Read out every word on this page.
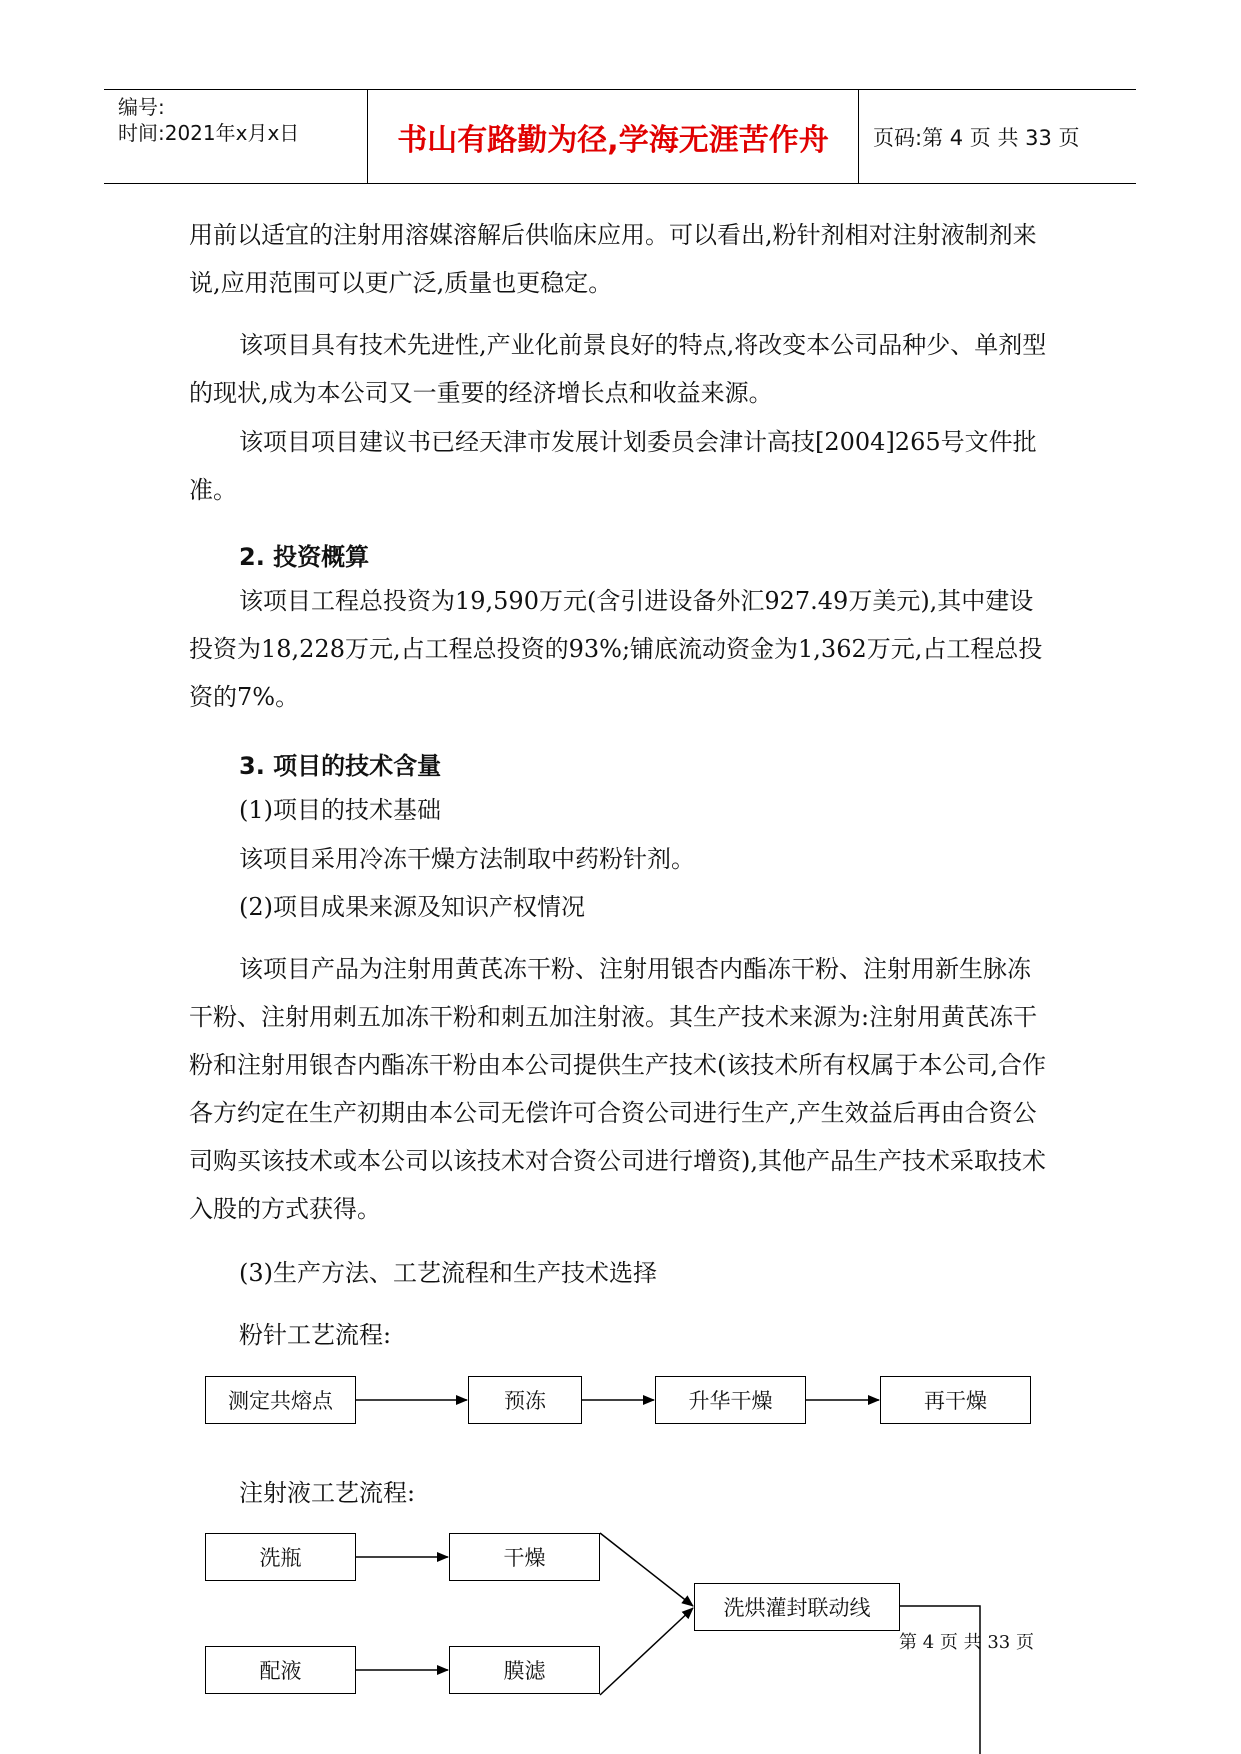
编号:
时间:2021年x月x日	书山有路勤为径,学海无涯苦作舟	页码:第 4 页 共 33 页

用前以适宜的注射用溶媒溶解后供临床应用。可以看出,粉针剂相对注射液制剂来说,应用范围可以更广泛,质量也更稳定。

该项目具有技术先进性,产业化前景良好的特点,将改变本公司品种少、单剂型的现状,成为本公司又一重要的经济增长点和收益来源。

该项目项目建议书已经天津市发展计划委员会津计高技[2004]265号文件批准。

2. 投资概算

该项目工程总投资为19,590万元(含引进设备外汇927.49万美元),其中建设投资为18,228万元,占工程总投资的93%;铺底流动资金为1,362万元,占工程总投资的7%。

3. 项目的技术含量
(1)项目的技术基础
该项目采用冷冻干燥方法制取中药粉针剂。
(2)项目成果来源及知识产权情况

该项目产品为注射用黄芪冻干粉、注射用银杏内酯冻干粉、注射用新生脉冻干粉、注射用刺五加冻干粉和刺五加注射液。其生产技术来源为:注射用黄芪冻干粉和注射用银杏内酯冻干粉由本公司提供生产技术(该技术所有权属于本公司,合作各方约定在生产初期由本公司无偿许可合资公司进行生产,产生效益后再由合资公司购买该技术或本公司以该技术对合资公司进行增资),其他产品生产技术采取技术入股的方式获得。

(3)生产方法、工艺流程和生产技术选择
粉针工艺流程:
测定共熔点	预冻	升华干燥	再干燥
注射液工艺流程:
洗瓶	干燥
配液	膜滤
洗烘灌封联动线
第 4 页 共 33 页
